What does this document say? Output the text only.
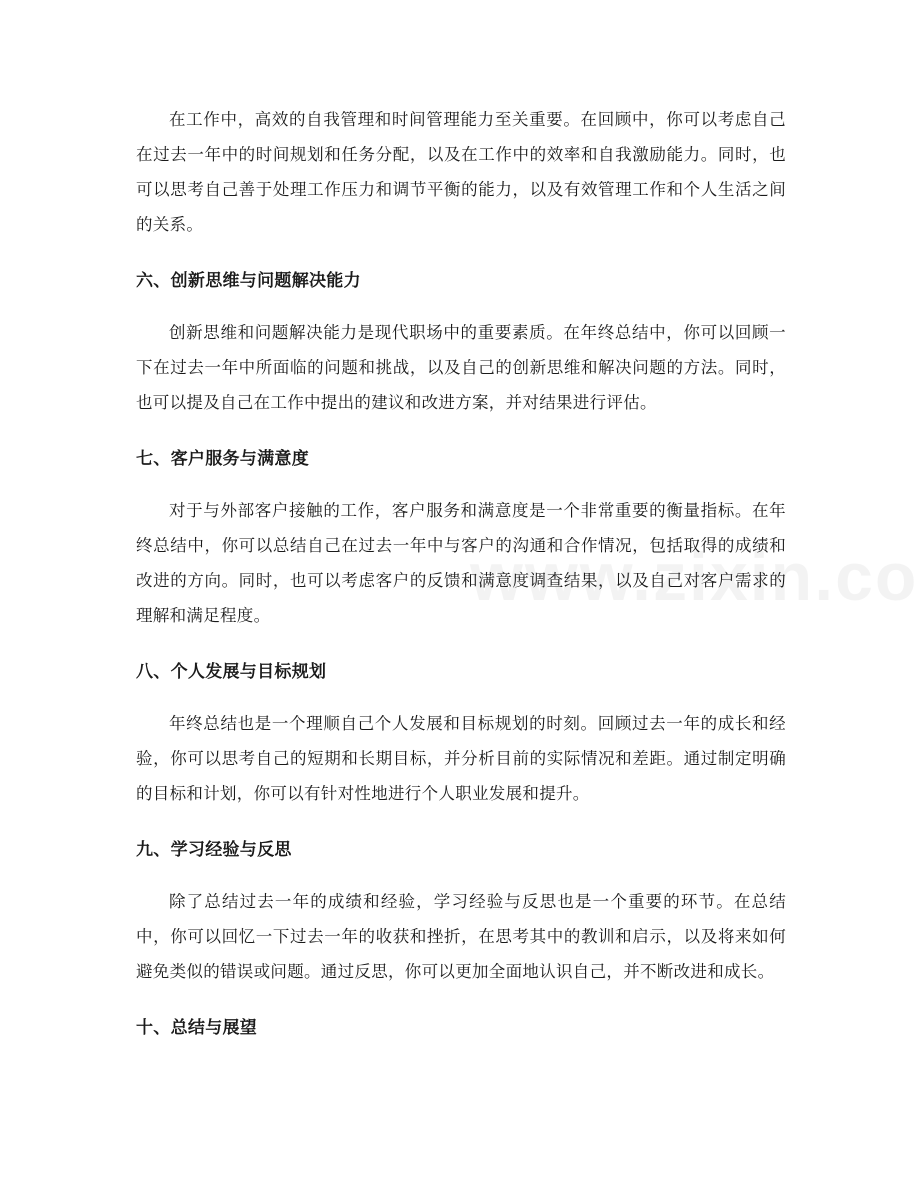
在工作中，高效的自我管理和时间管理能力至关重要。在回顾中，你可以考虑自己在过去一年中的时间规划和任务分配，以及在工作中的效率和自我激励能力。同时，也可以思考自己善于处理工作压力和调节平衡的能力，以及有效管理工作和个人生活之间的关系。

六、创新思维与问题解决能力

创新思维和问题解决能力是现代职场中的重要素质。在年终总结中，你可以回顾一下在过去一年中所面临的问题和挑战，以及自己的创新思维和解决问题的方法。同时，也可以提及自己在工作中提出的建议和改进方案，并对结果进行评估。

七、客户服务与满意度

对于与外部客户接触的工作，客户服务和满意度是一个非常重要的衡量指标。在年终总结中，你可以总结自己在过去一年中与客户的沟通和合作情况，包括取得的成绩和改进的方向。同时，也可以考虑客户的反馈和满意度调查结果，以及自己对客户需求的理解和满足程度。

八、个人发展与目标规划

年终总结也是一个理顺自己个人发展和目标规划的时刻。回顾过去一年的成长和经验，你可以思考自己的短期和长期目标，并分析目前的实际情况和差距。通过制定明确的目标和计划，你可以有针对性地进行个人职业发展和提升。

九、学习经验与反思

除了总结过去一年的成绩和经验，学习经验与反思也是一个重要的环节。在总结中，你可以回忆一下过去一年的收获和挫折，在思考其中的教训和启示，以及将来如何避免类似的错误或问题。通过反思，你可以更加全面地认识自己，并不断改进和成长。

十、总结与展望
